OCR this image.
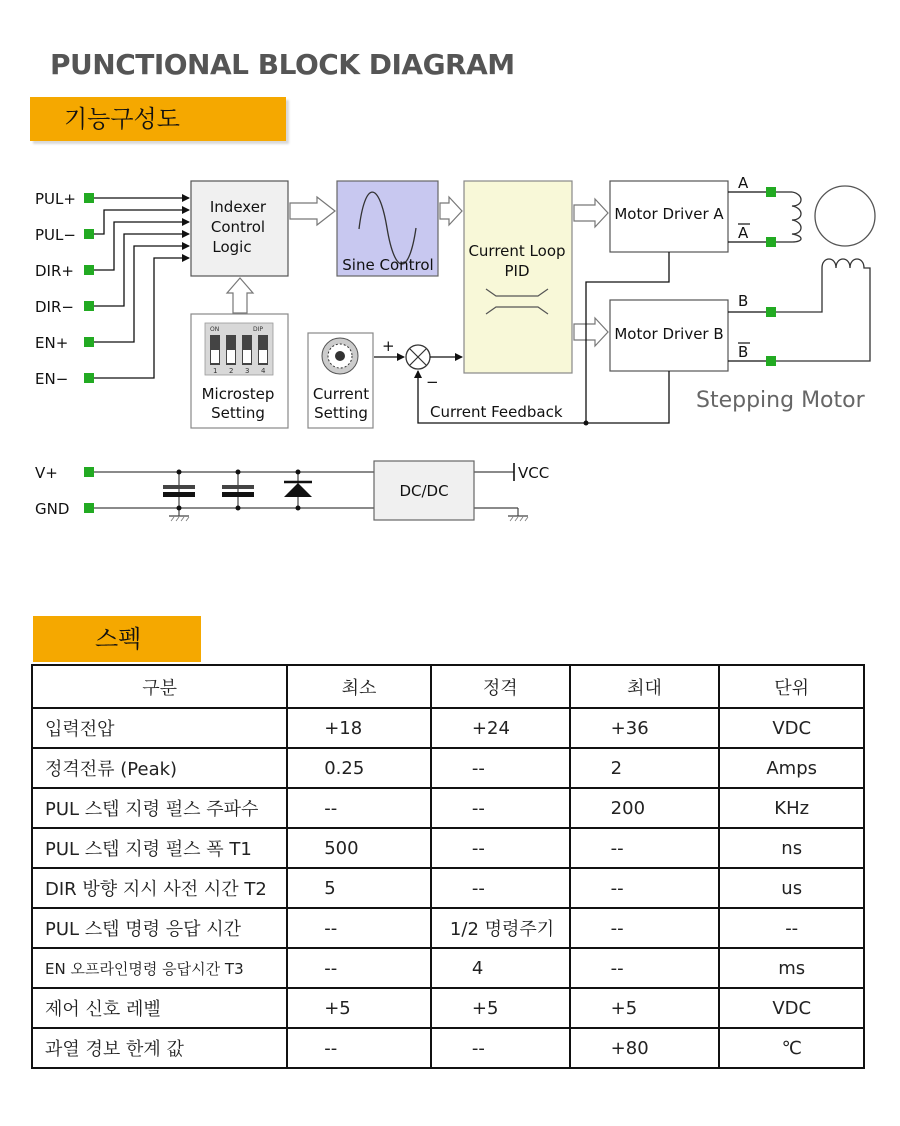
PUNCTIONAL BLOCK DIAGRAM
기능구성도
PUL+
PUL−
DIR+
DIR−
EN+
EN−
Indexer
Control
Logic
Sine Control
Current Loop
PID
Motor Driver A
Motor Driver B
A
A
B
B
ON	DIP
1 2 3 4
Microstep
Setting
Current
Setting
+
−
Current Feedback
V+
GND
DC/DC
VCC
Stepping Motor
스펙
구분	최소	정격	최대	단위
입력전압	+18	+24	+36	VDC
정격전류 (Peak)	0.25	--	2	Amps
PUL 스텝 지령 펄스 주파수	--	--	200	KHz
PUL 스텝 지령 펄스 폭 T1	500	--	--	ns
DIR 방향 지시 사전 시간 T2	5	--	--	us
PUL 스텝 명령 응답 시간	--	1/2 명령주기	--	--
EN 오프라인명령 응답시간 T3	--	4	--	ms
제어 신호 레벨	+5	+5	+5	VDC
과열 경보 한계 값	--	--	+80	℃
